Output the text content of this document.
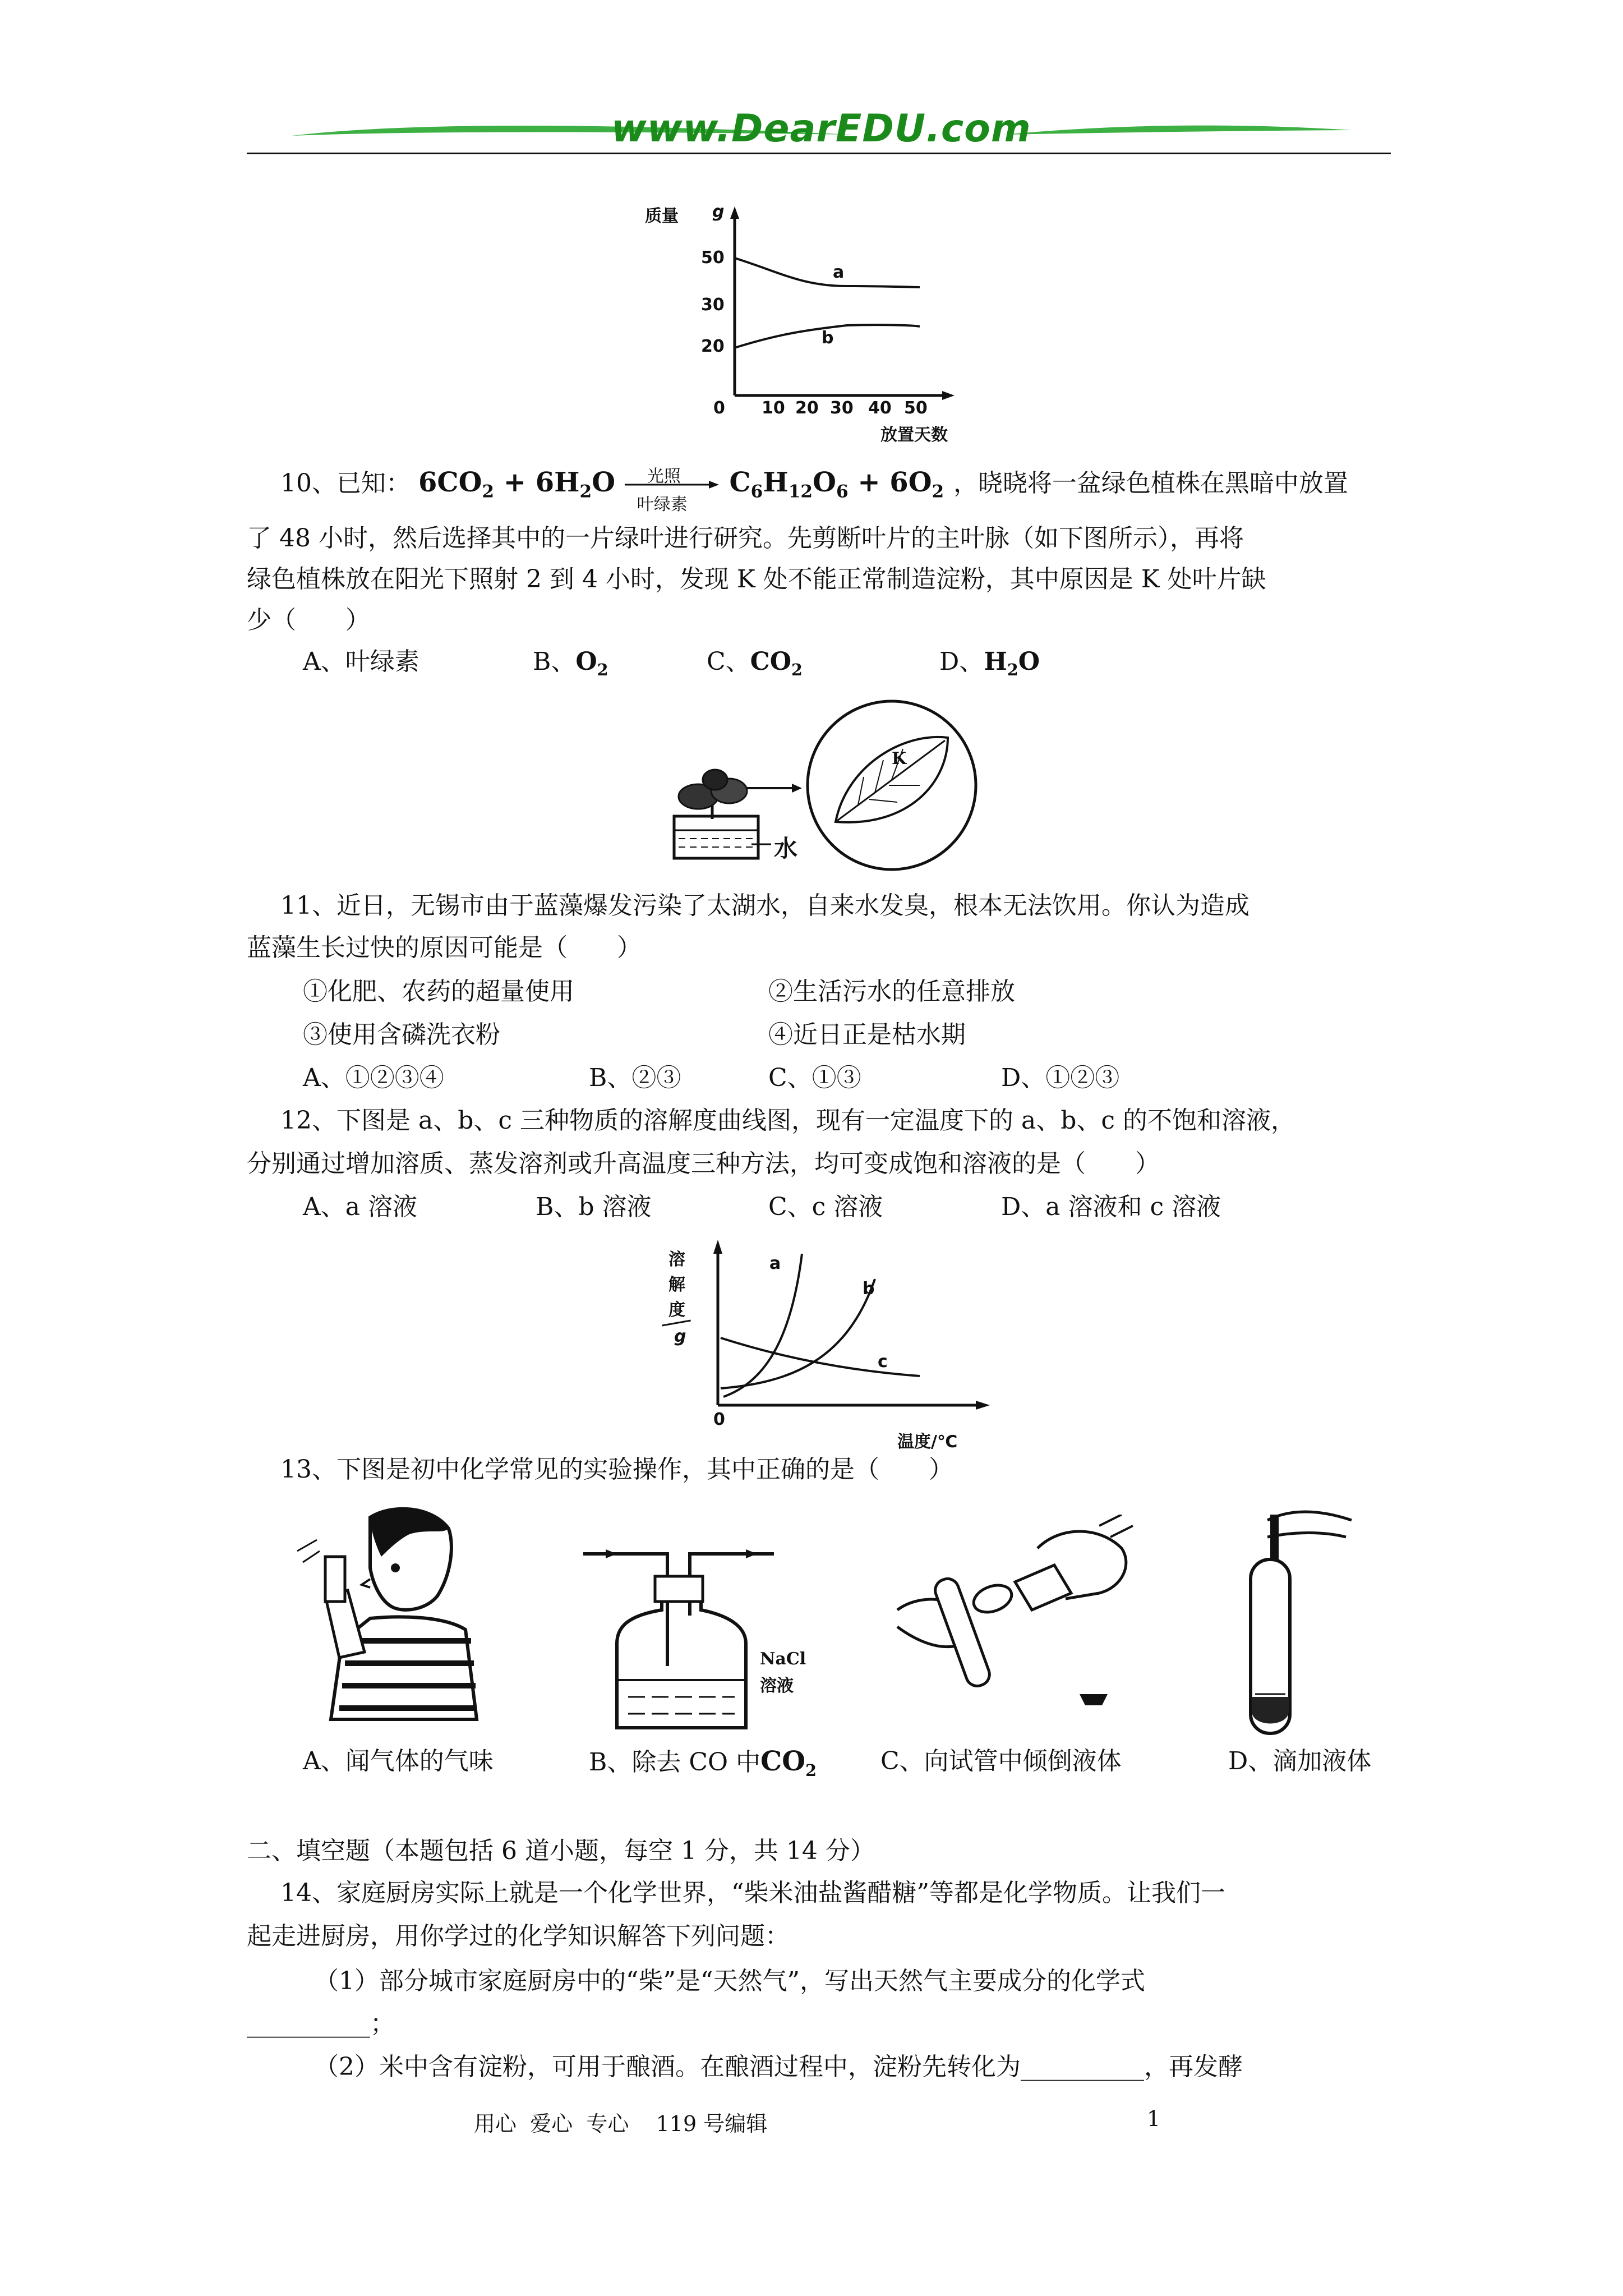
www.DearEDU.com
质量 g
50
30
20
a
b
0 10 20 30 40 50
放置天数
10、已知： $6CO_2 + 6H_2O$ 光照
叶绿素
$C_6H_{12}O_6 + 6O_2$ ，晓晓将一盆绿色植株在黑暗中放置
了 48 小时，然后选择其中的一片绿叶进行研究。先剪断叶片的主叶脉（如下图所示），再将
绿色植株放在阳光下照射 2 到 4 小时，发现 K 处不能正常制造淀粉，其中原因是 K 处叶片缺
少（　　）
A、叶绿素	B、$O_2$	C、$CO_2$	D、$H_2O$
K
水
11、近日，无锡市由于蓝藻爆发污染了太湖水，自来水发臭，根本无法饮用。你认为造成
蓝藻生长过快的原因可能是（　　）
①化肥、农药的超量使用	②生活污水的任意排放
③使用含磷洗衣粉	④近日正是枯水期
A、①②③④	B、②③	C、①③	D、①②③
12、下图是 a、b、c 三种物质的溶解度曲线图，现有一定温度下的 a、b、c 的不饱和溶液，
分别通过增加溶质、蒸发溶剂或升高温度三种方法，均可变成饱和溶液的是（　　）
A、a 溶液	B、b 溶液	C、c 溶液	D、a 溶液和 c 溶液
溶
解
度
g
0
a
b
c
温度/℃
13、下图是初中化学常见的实验操作，其中正确的是（　　）
NaCl
溶液
A、闻气体的气味	B、除去 CO 中$CO_2$	C、向试管中倾倒液体	D、滴加液体
二、填空题（本题包括 6 道小题，每空 1 分，共 14 分）
14、家庭厨房实际上就是一个化学世界，“柴米油盐酱醋糖”等都是化学物质。让我们一
起走进厨房，用你学过的化学知识解答下列问题：
（1）部分城市家庭厨房中的“柴”是“天然气”，写出天然气主要成分的化学式
__________；
（2）米中含有淀粉，可用于酿酒。在酿酒过程中，淀粉先转化为__________，再发酵
用心  爱心  专心    119 号编辑	1
